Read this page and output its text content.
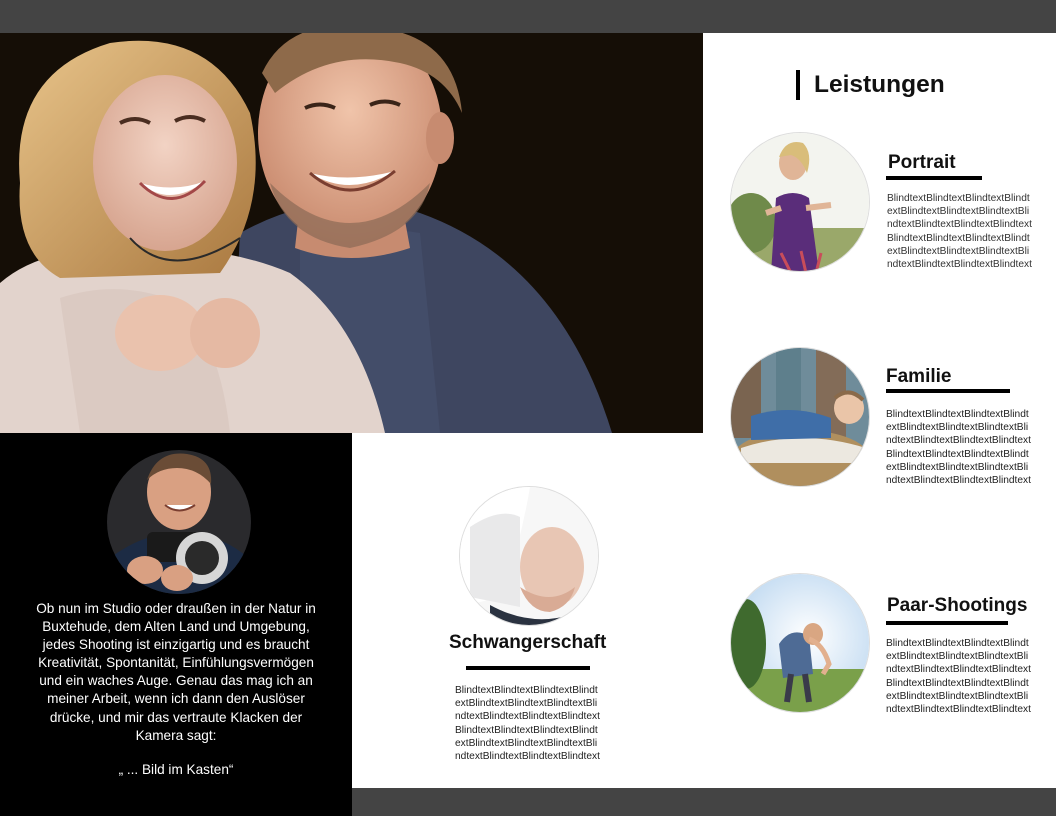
Ob nun im Studio oder draußen in der Natur in Buxtehude, dem Alten Land und Umgebung, jedes Shooting ist einzigartig und es braucht Kreativität, Spontanität, Einfühlungsvermögen und ein waches Auge. Genau das mag ich an meiner Arbeit, wenn ich dann den Auslöser drücke, und mir das vertraute Klacken der Kamera sagt:
„ ... Bild im Kasten“
Leistungen
Portrait
BlindtextBlindtextBlindtextBlindtextBlindtextBlindtextBlindtextBlindtextBlindtextBlindtextBlindtextBlindtextBlindtextBlindtextBlindtextBlindtextBlindtextBlindtextBlindtextBlindtextBlindtextBlindtext
Familie
BlindtextBlindtextBlindtextBlindtextBlindtextBlindtextBlindtextBlindtextBlindtextBlindtextBlindtextBlindtextBlindtextBlindtextBlindtextBlindtextBlindtextBlindtextBlindtextBlindtextBlindtextBlindtext
Paar-Shootings
BlindtextBlindtextBlindtextBlindtextBlindtextBlindtextBlindtextBlindtextBlindtextBlindtextBlindtextBlindtextBlindtextBlindtextBlindtextBlindtextBlindtextBlindtextBlindtextBlindtextBlindtextBlindtext
Schwangerschaft
BlindtextBlindtextBlindtextBlindtextBlindtextBlindtextBlindtextBlindtextBlindtextBlindtextBlindtextBlindtextBlindtextBlindtextBlindtextBlindtextBlindtextBlindtextBlindtextBlindtextBlindtextBlindtext
